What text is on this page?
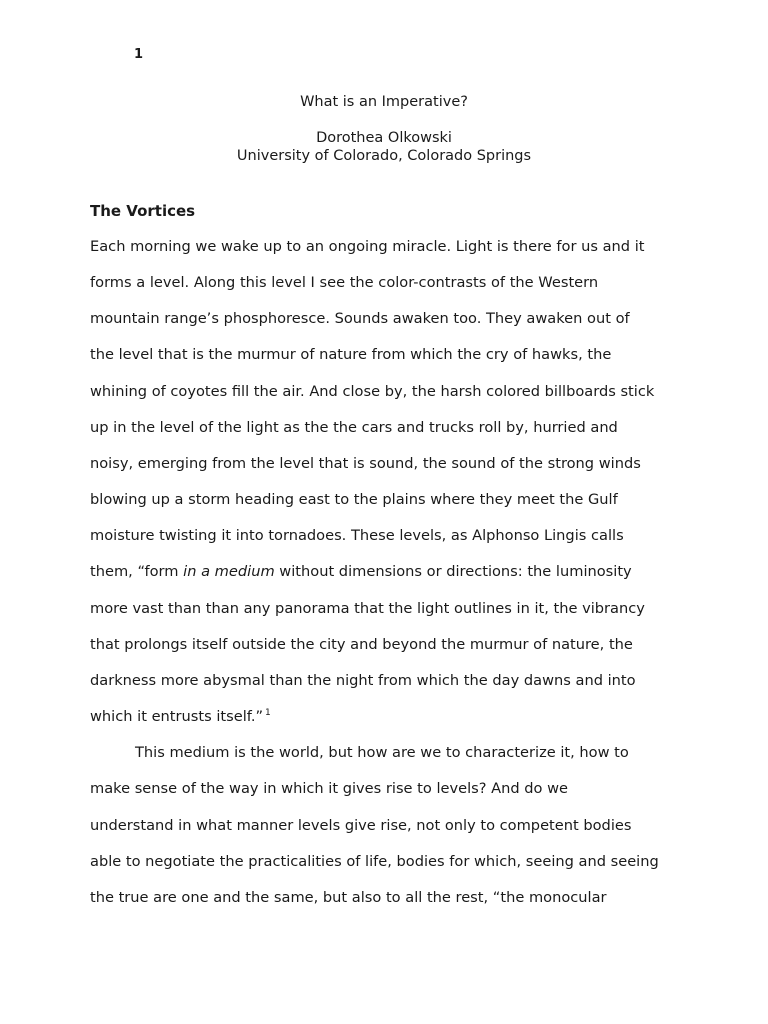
1
What is an Imperative?
Dorothea Olkowski
University of Colorado, Colorado Springs
The Vortices
Each morning we wake up to an ongoing miracle. Light is there for us and it
forms a level. Along this level I see the color-contrasts of the Western
mountain range’s phosphoresce. Sounds awaken too. They awaken out of
the level that is the murmur of nature from which the cry of hawks, the
whining of coyotes fill the air. And close by, the harsh colored billboards stick
up in the level of the light as the the cars and trucks roll by, hurried and
noisy, emerging from the level that is sound, the sound of the strong winds
blowing up a storm heading east to the plains where they meet the Gulf
moisture twisting it into tornadoes. These levels, as Alphonso Lingis calls
them, “form in a medium without dimensions or directions: the luminosity
more vast than than any panorama that the light outlines in it, the vibrancy
that prolongs itself outside the city and beyond the murmur of nature, the
darkness more abysmal than the night from which the day dawns and into
which it entrusts itself.” $^1$
This medium is the world, but how are we to characterize it, how to
make sense of the way in which it gives rise to levels? And do we
understand in what manner levels give rise, not only to competent bodies
able to negotiate the practicalities of life, bodies for which, seeing and seeing
the true are one and the same, but also to all the rest, “the monocular
